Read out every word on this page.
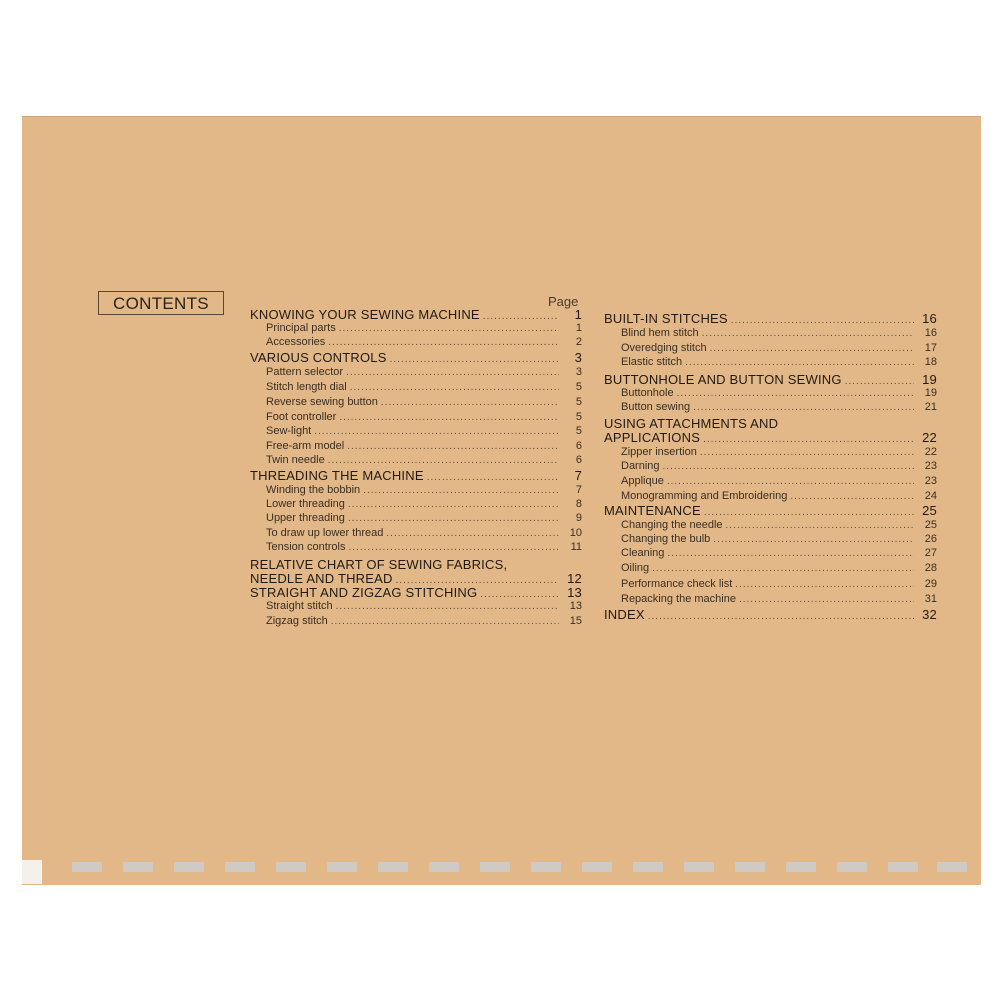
CONTENTS	Page
KNOWING YOUR SEWING MACHINE .....	1
Principal parts .....	1
Accessories .....	2
VARIOUS CONTROLS .....	3
Pattern selector .....	3
Stitch length dial .....	5
Reverse sewing button .....	5
Foot controller .....	5
Sew-light .....	5
Free-arm model .....	6
Twin needle .....	6
THREADING THE MACHINE .....	7
Winding the bobbin .....	7
Lower threading .....	8
Upper threading .....	9
To draw up lower thread .....	10
Tension controls .....	11
RELATIVE CHART OF SEWING FABRICS,
NEEDLE AND THREAD .....	12
STRAIGHT AND ZIGZAG STITCHING .....	13
Straight stitch .....	13
Zigzag stitch .....	15
BUILT-IN STITCHES .....	16
Blind hem stitch .....	16
Overedging stitch .....	17
Elastic stitch .....	18
BUTTONHOLE AND BUTTON SEWING .....	19
Buttonhole .....	19
Button sewing .....	21
USING ATTACHMENTS AND
APPLICATIONS .....	22
Zipper insertion .....	22
Darning .....	23
Applique .....	23
Monogramming and Embroidering .....	24
MAINTENANCE .....	25
Changing the needle .....	25
Changing the bulb .....	26
Cleaning .....	27
Oiling .....	28
Performance check list .....	29
Repacking the machine .....	31
INDEX .....	32
